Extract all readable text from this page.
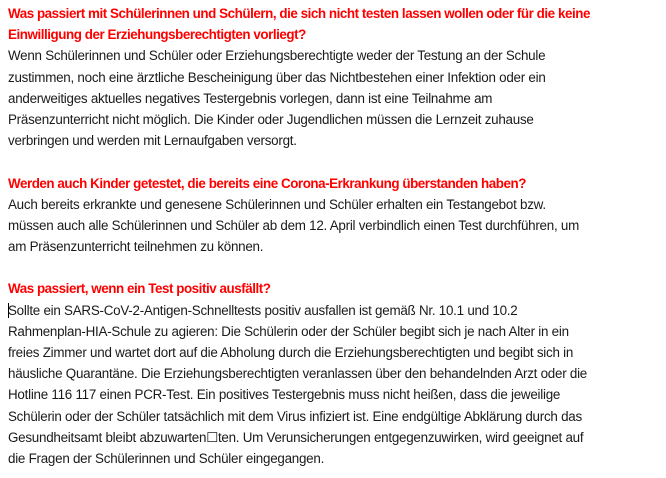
Was passiert mit Schülerinnen und Schülern, die sich nicht testen lassen wollen oder für die keine
Einwilligung der Erziehungsberechtigten vorliegt?
Wenn Schülerinnen und Schüler oder Erziehungsberechtigte weder der Testung an der Schule
zustimmen, noch eine ärztliche Bescheinigung über das Nichtbestehen einer Infektion oder ein
anderweitiges aktuelles negatives Testergebnis vorlegen, dann ist eine Teilnahme am
Präsenzunterricht nicht möglich. Die Kinder oder Jugendlichen müssen die Lernzeit zuhause
verbringen und werden mit Lernaufgaben versorgt.
Werden auch Kinder getestet, die bereits eine Corona-Erkrankung überstanden haben?
Auch bereits erkrankte und genesene Schülerinnen und Schüler erhalten ein Testangebot bzw.
müssen auch alle Schülerinnen und Schüler ab dem 12. April verbindlich einen Test durchführen, um
am Präsenzunterricht teilnehmen zu können.
Was passiert, wenn ein Test positiv ausfällt?
Sollte ein SARS-CoV-2-Antigen-Schnelltests positiv ausfallen ist gemäß Nr. 10.1 und 10.2
Rahmenplan-HIA-Schule zu agieren: Die Schülerin oder der Schüler begibt sich je nach Alter in ein
freies Zimmer und wartet dort auf die Abholung durch die Erziehungsberechtigten und begibt sich in
häusliche Quarantäne. Die Erziehungsberechtigten veranlassen über den behandelnden Arzt oder die
Hotline 116 117 einen PCR-Test. Ein positives Testergebnis muss nicht heißen, dass die jeweilige
Schülerin oder der Schüler tatsächlich mit dem Virus infiziert ist. Eine endgültige Abklärung durch das
Gesundheitsamt bleibt abzuwarten☐ten. Um Verunsicherungen entgegenzuwirken, wird geeignet auf
die Fragen der Schülerinnen und Schüler eingegangen.
